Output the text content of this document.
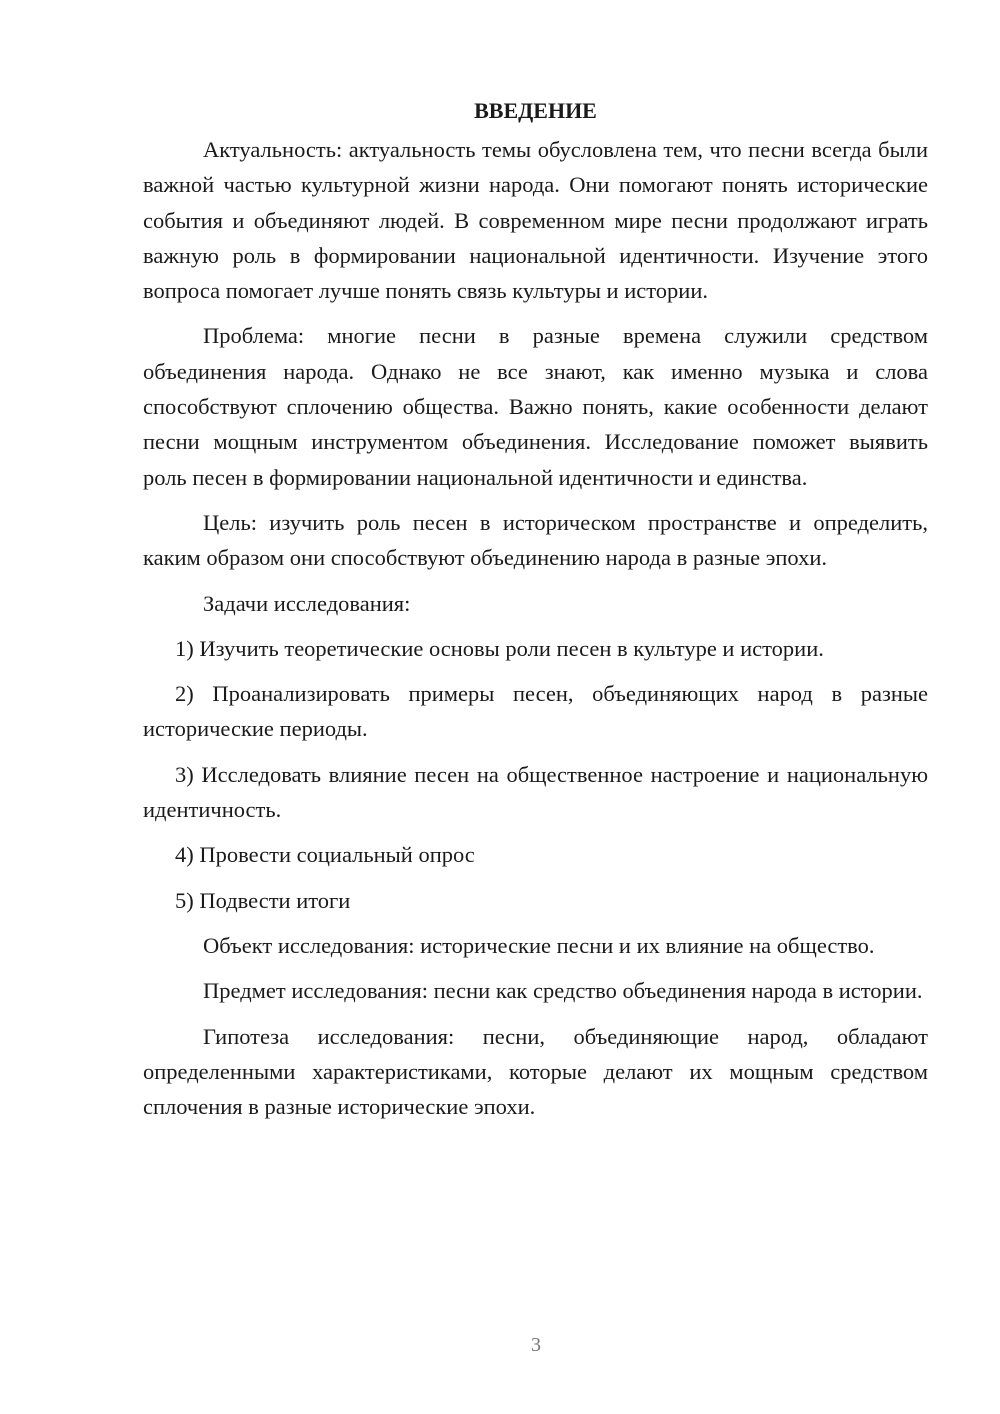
ВВЕДЕНИЕ

Актуальность: актуальность темы обусловлена тем, что песни всегда были важной частью культурной жизни народа. Они помогают понять исторические события и объединяют людей. В современном мире песни продолжают играть важную роль в формировании национальной идентичности. Изучение этого вопроса помогает лучше понять связь культуры и истории.

Проблема: многие песни в разные времена служили средством объединения народа. Однако не все знают, как именно музыка и слова способствуют сплочению общества. Важно понять, какие особенности делают песни мощным инструментом объединения. Исследование поможет выявить роль песен в формировании национальной идентичности и единства.

Цель: изучить роль песен в историческом пространстве и определить, каким образом они способствуют объединению народа в разные эпохи.

Задачи исследования:

1) Изучить теоретические основы роли песен в культуре и истории.

2) Проанализировать примеры песен, объединяющих народ в разные исторические периоды.

3) Исследовать влияние песен на общественное настроение и национальную идентичность.

4) Провести социальный опрос

5) Подвести итоги

Объект исследования: исторические песни и их влияние на общество.

Предмет исследования: песни как средство объединения народа в истории.

Гипотеза исследования: песни, объединяющие народ, обладают определенными характеристиками, которые делают их мощным средством сплочения в разные исторические эпохи.

3
